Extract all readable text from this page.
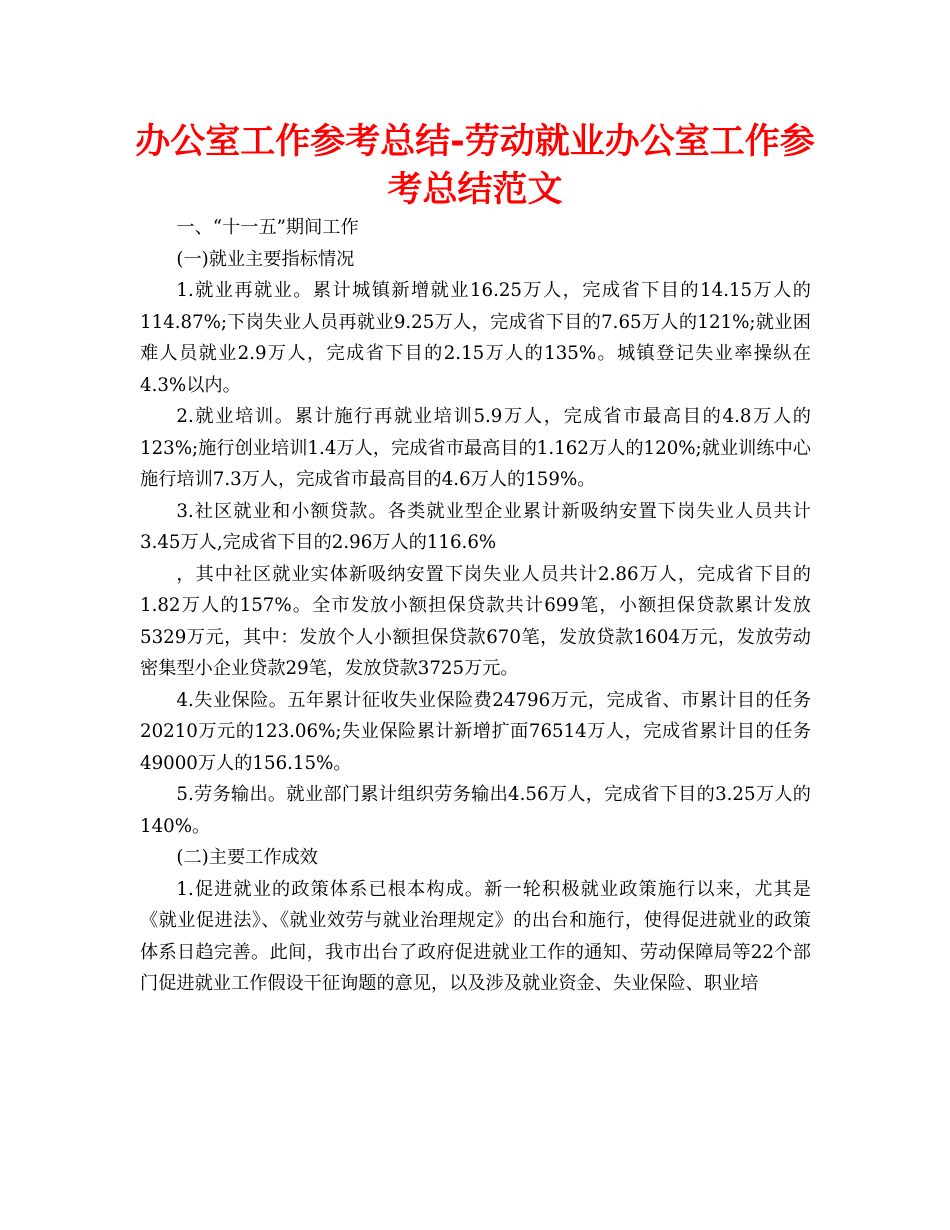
办公室工作参考总结-劳动就业办公室工作参考总结范文

一、“十一五”期间工作

(一)就业主要指标情况

1.就业再就业。累计城镇新增就业16.25万人，完成省下目的14.15万人的114.87%;下岗失业人员再就业9.25万人，完成省下目的7.65万人的121%;就业困难人员就业2.9万人，完成省下目的2.15万人的135%。城镇登记失业率操纵在4.3%以内。

2.就业培训。累计施行再就业培训5.9万人，完成省市最高目的4.8万人的123%;施行创业培训1.4万人，完成省市最高目的1.162万人的120%;就业训练中心施行培训7.3万人，完成省市最高目的4.6万人的159%。

3.社区就业和小额贷款。各类就业型企业累计新吸纳安置下岗失业人员共计3.45万人,完成省下目的2.96万人的116.6%

，其中社区就业实体新吸纳安置下岗失业人员共计2.86万人，完成省下目的1.82万人的157%。全市发放小额担保贷款共计699笔，小额担保贷款累计发放5329万元，其中：发放个人小额担保贷款670笔，发放贷款1604万元，发放劳动密集型小企业贷款29笔，发放贷款3725万元。

4.失业保险。五年累计征收失业保险费24796万元，完成省、市累计目的任务20210万元的123.06%;失业保险累计新增扩面76514万人，完成省累计目的任务49000万人的156.15%。

5.劳务输出。就业部门累计组织劳务输出4.56万人，完成省下目的3.25万人的140%。

(二)主要工作成效

1.促进就业的政策体系已根本构成。新一轮积极就业政策施行以来，尤其是《就业促进法》、《就业效劳与就业治理规定》的出台和施行，使得促进就业的政策体系日趋完善。此间，我市出台了政府促进就业工作的通知、劳动保障局等22个部门促进就业工作假设干征询题的意见，以及涉及就业资金、失业保险、职业培
